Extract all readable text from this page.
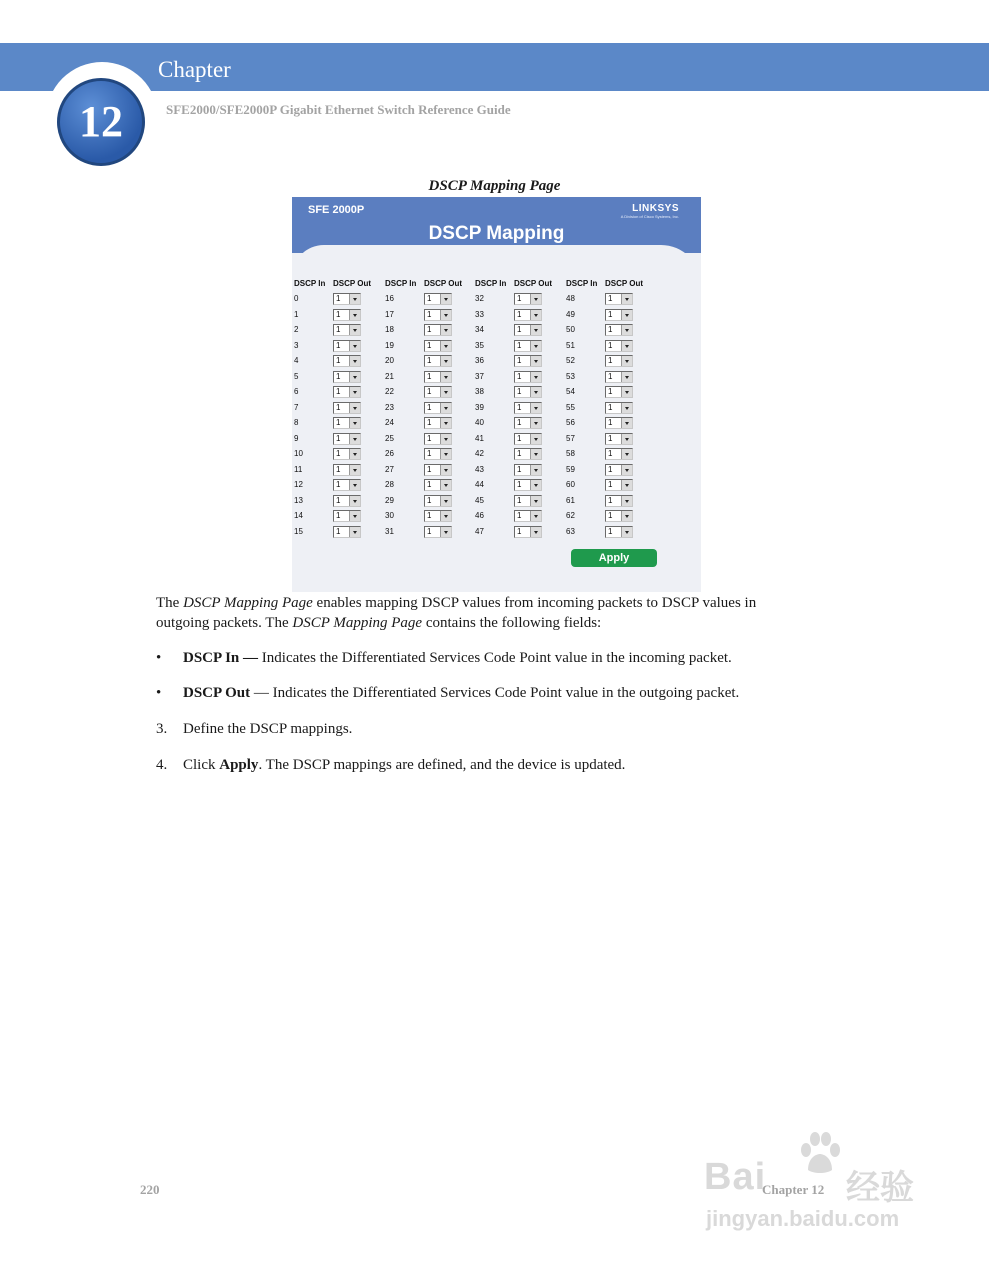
Chapter
12	SFE2000/SFE2000P Gigabit Ethernet Switch Reference Guide
DSCP Mapping Page
SFE 2000P	LINKSYS
A Division of Cisco Systems, Inc.
DSCP Mapping
DSCP In DSCP Out
0	1
1	1
2	1
3	1
4	1
5	1
6	1
7	1
8	1
9	1
10	1
11	1
12	1
13	1
14	1
15	1
DSCP In DSCP Out
16	1
17	1
18	1
19	1
20	1
21	1
22	1
23	1
24	1
25	1
26	1
27	1
28	1
29	1
30	1
31	1
DSCP In DSCP Out
32	1
33	1
34	1
35	1
36	1
37	1
38	1
39	1
40	1
41	1
42	1
43	1
44	1
45	1
46	1
47	1
DSCP In DSCP Out
48	1
49	1
50	1
51	1
52	1
53	1
54	1
55	1
56	1
57	1
58	1
59	1
60	1
61	1
62	1
63	1
Apply
The DSCP Mapping Page enables mapping DSCP values from incoming packets to DSCP values in
outgoing packets. The DSCP Mapping Page contains the following fields:
• DSCP In — Indicates the Differentiated Services Code Point value in the incoming packet.
• DSCP Out — Indicates the Differentiated Services Code Point value in the outgoing packet.
3. Define the DSCP mappings.
4. Click Apply. The DSCP mappings are defined, and the device is updated.
220	Chapter 12
Bai 经验
jingyan.baidu.com
